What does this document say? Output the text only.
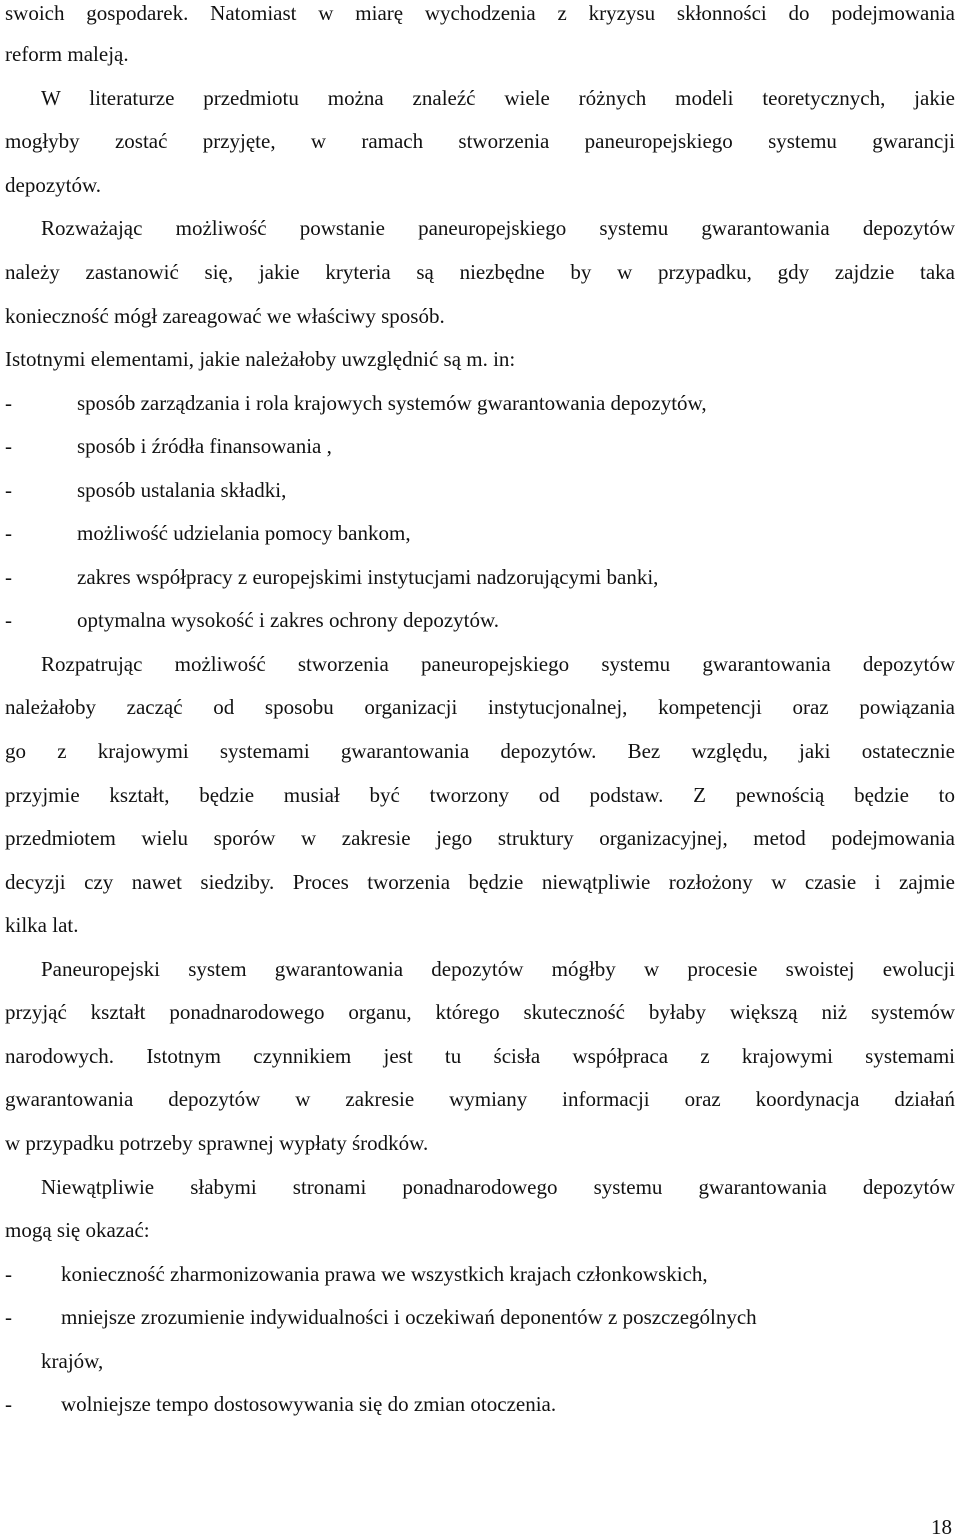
swoich gospodarek. Natomiast w miarę wychodzenia z kryzysu skłonności do podejmowania
reform maleją.
W literaturze przedmiotu można znaleźć wiele różnych modeli teoretycznych, jakie
mogłyby zostać przyjęte, w ramach stworzenia paneuropejskiego systemu gwarancji
depozytów.
Rozważając możliwość powstanie paneuropejskiego systemu gwarantowania depozytów
należy zastanowić się, jakie kryteria są niezbędne by w przypadku, gdy zajdzie taka
konieczność mógł zareagować we właściwy sposób.
Istotnymi elementami, jakie należałoby uwzględnić są m. in:
-	sposób zarządzania i rola krajowych systemów gwarantowania depozytów,
-	sposób i źródła finansowania ,
-	sposób ustalania składki,
-	możliwość udzielania pomocy bankom,
-	zakres współpracy z europejskimi instytucjami nadzorującymi banki,
-	optymalna wysokość i zakres ochrony depozytów.
Rozpatrując możliwość stworzenia paneuropejskiego systemu gwarantowania depozytów
należałoby zacząć od sposobu organizacji instytucjonalnej, kompetencji oraz powiązania
go z krajowymi systemami gwarantowania depozytów. Bez względu, jaki ostatecznie
przyjmie kształt, będzie musiał być tworzony od podstaw. Z pewnością będzie to
przedmiotem wielu sporów w zakresie jego struktury organizacyjnej, metod podejmowania
decyzji czy nawet siedziby. Proces tworzenia będzie niewątpliwie rozłożony w czasie i zajmie
kilka lat.
Paneuropejski system gwarantowania depozytów mógłby w procesie swoistej ewolucji
przyjąć kształt ponadnarodowego organu, którego skuteczność byłaby większą niż systemów
narodowych. Istotnym czynnikiem jest tu ścisła współpraca z krajowymi systemami
gwarantowania depozytów w zakresie wymiany informacji oraz koordynacja działań
w przypadku potrzeby sprawnej wypłaty środków.
Niewątpliwie słabymi stronami ponadnarodowego systemu gwarantowania depozytów
mogą się okazać:
-	konieczność zharmonizowania prawa we wszystkich krajach członkowskich,
-	mniejsze zrozumienie indywidualności i oczekiwań deponentów z poszczególnych
krajów,
-	wolniejsze tempo dostosowywania się do zmian otoczenia.
18
